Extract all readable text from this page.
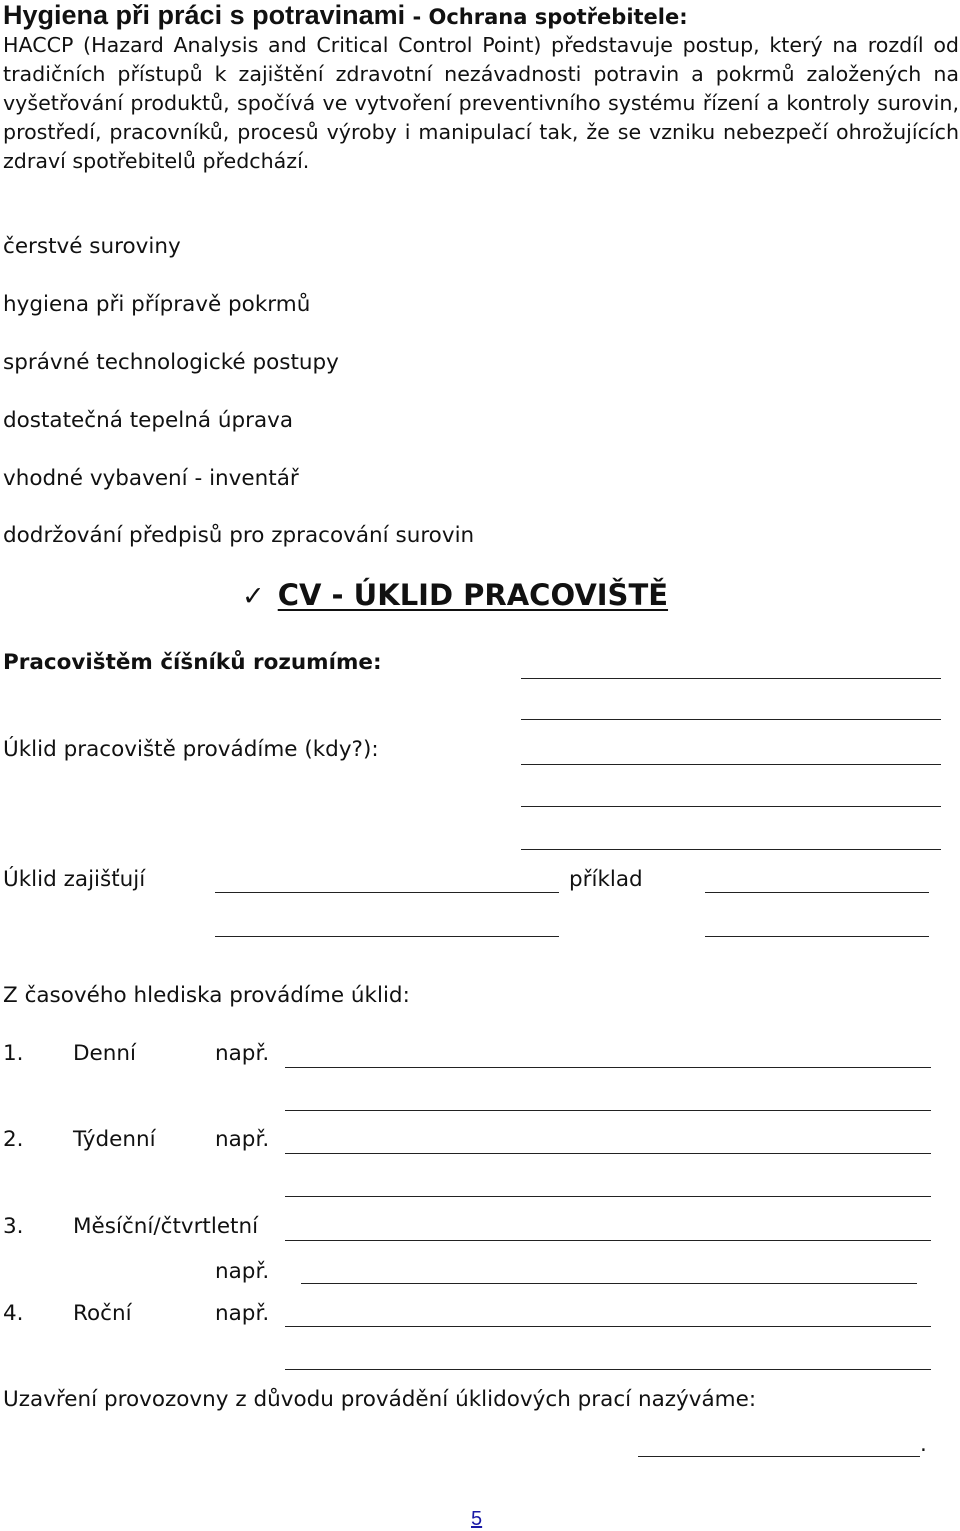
Hygiena při práci s potravinami - Ochrana spotřebitele:
HACCP (Hazard Analysis and Critical Control Point) představuje postup, který na rozdíl od tradičních přístupů k zajištění zdravotní nezávadnosti potravin a pokrmů založených na vyšetřování produktů, spočívá ve vytvoření preventivního systému řízení a kontroly surovin, prostředí, pracovníků, procesů výroby i manipulací tak, že se vzniku nebezpečí ohrožujících zdraví spotřebitelů předchází.
čerstvé suroviny
hygiena při přípravě pokrmů
správné technologické postupy
dostatečná tepelná úprava
vhodné vybavení - inventář
dodržování předpisů pro zpracování surovin
✓ CV - ÚKLID PRACOVIŠTĚ
Pracovištěm číšníků rozumíme:
Úklid pracoviště provádíme (kdy?):
Úklid zajišťují	příklad
Z časového hlediska provádíme úklid:
1. Denní	např.
2. Týdenní	např.
3. Měsíční/čtvrtletní
např.
4. Roční	např.
Uzavření provozovny z důvodu provádění úklidových prací nazýváme:
.
5
